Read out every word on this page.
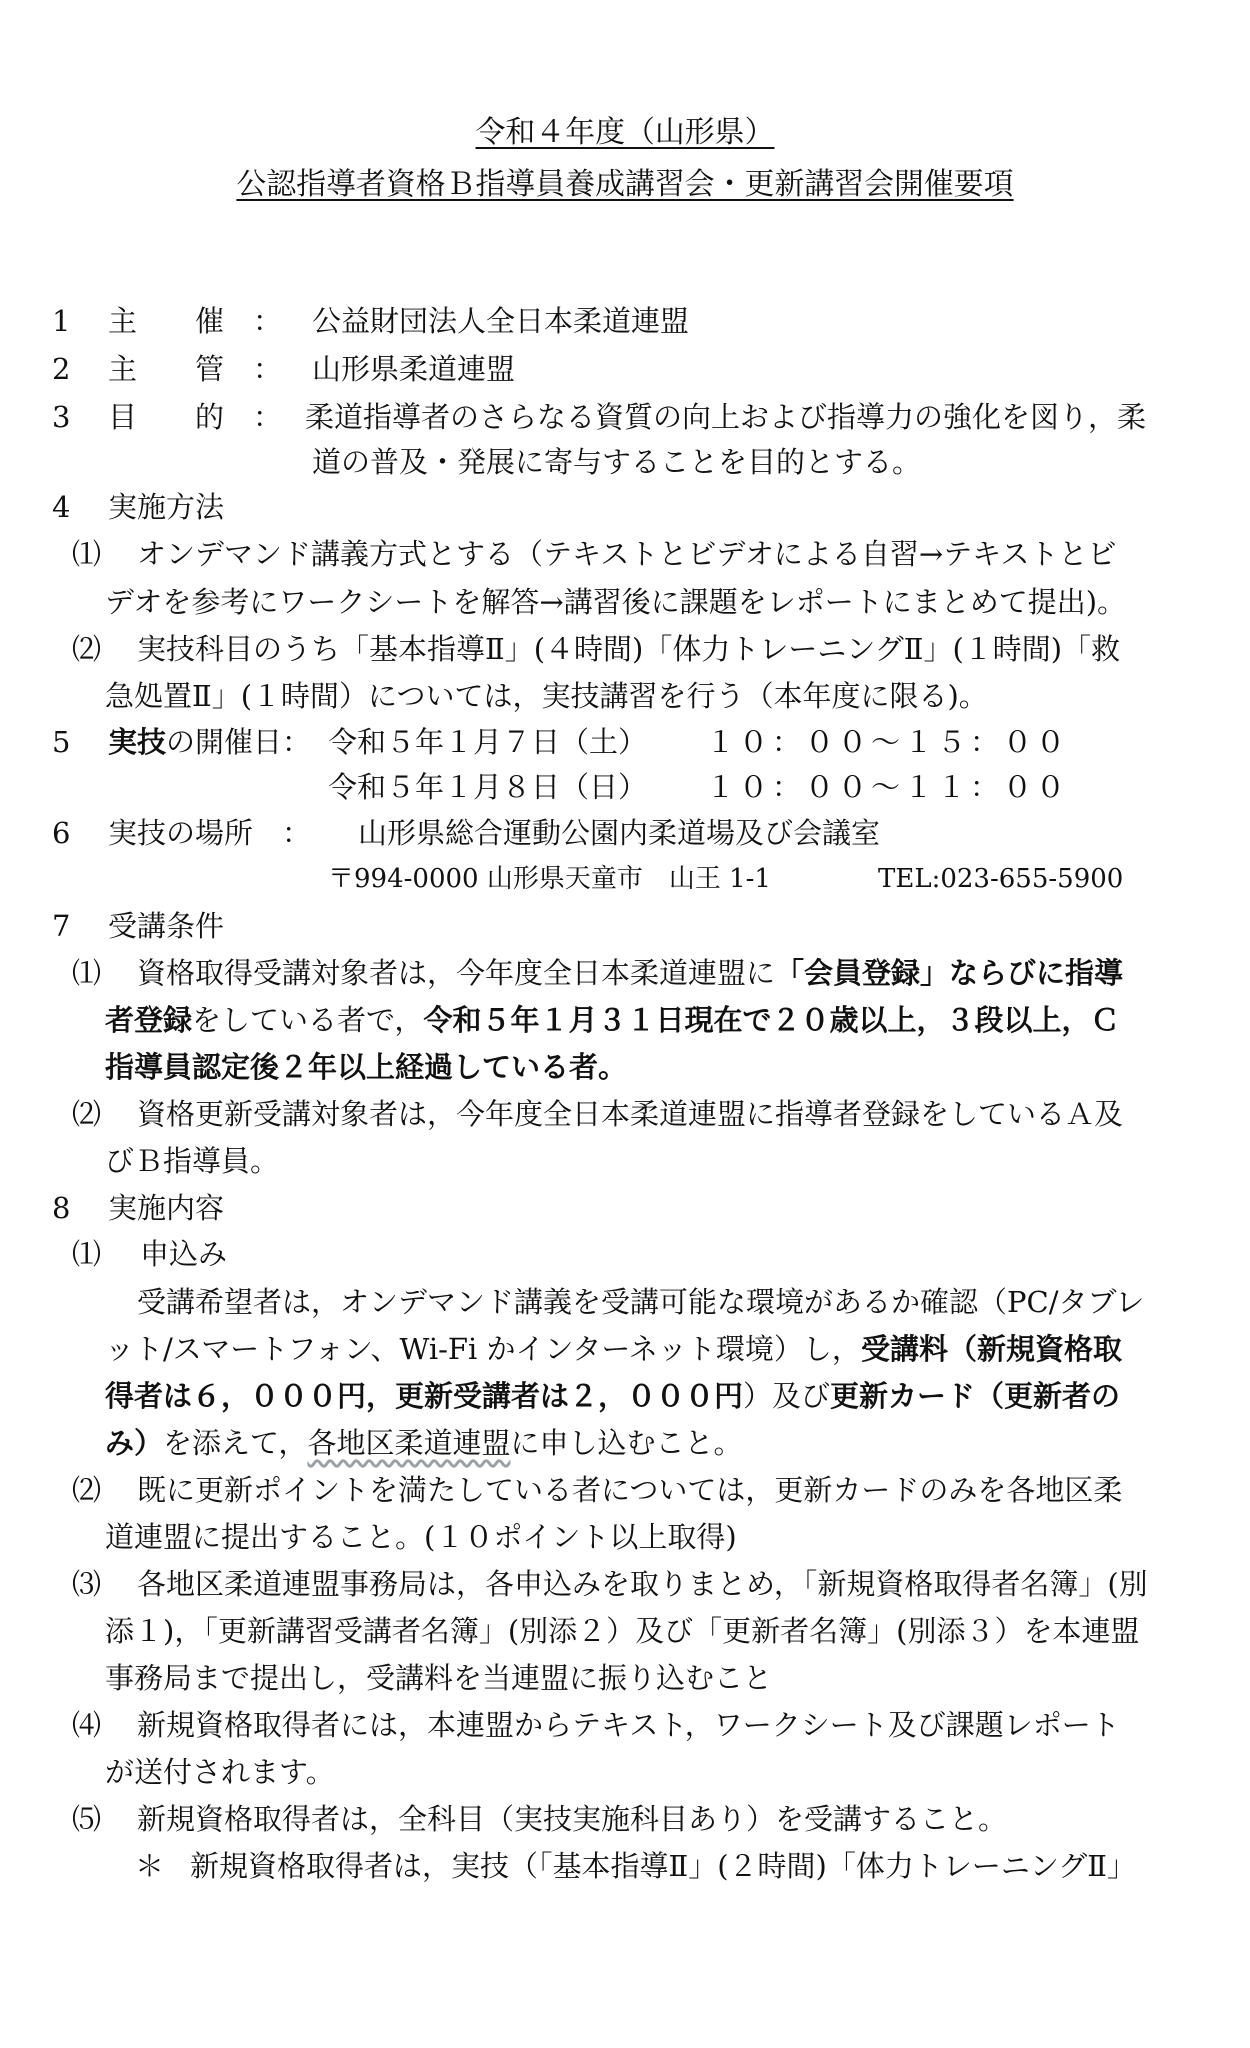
令和４年度（山形県）
公認指導者資格Ｂ指導員養成講習会・更新講習会開催要項
1 主　　催　： 公益財団法人全日本柔道連盟
2 主　　管　： 山形県柔道連盟
3 目　　的　： 柔道指導者のさらなる資質の向上および指導力の強化を図り，柔
道の普及・発展に寄与することを目的とする。
4 実施方法
⑴ オンデマンド講義方式とする（テキストとビデオによる自習→テキストとビ
デオを参考にワークシートを解答→講習後に課題をレポートにまとめて提出)。
⑵ 実技科目のうち「基本指導Ⅱ」(４時間)「体力トレーニングⅡ」(１時間)「救
急処置Ⅱ」(１時間）については，実技講習を行う（本年度に限る)。
5 実技の開催日： 令和５年１月７日（土） １０：００〜１５：００
令和５年１月８日（日） １０：００〜１１：００
6 実技の場所　： 山形県総合運動公園内柔道場及び会議室
〒994-0000 山形県天童市　山王 1-1	TEL:023-655-5900
7 受講条件
⑴ 資格取得受講対象者は，今年度全日本柔道連盟に「会員登録」ならびに指導
者登録をしている者で，令和５年１月３１日現在で２０歳以上，３段以上，Ｃ
指導員認定後２年以上経過している者。
⑵ 資格更新受講対象者は，今年度全日本柔道連盟に指導者登録をしているＡ及
びＢ指導員。
8 実施内容
⑴ 申込み
受講希望者は，オンデマンド講義を受講可能な環境があるか確認（PC/タブレ
ット/スマートフォン、Wi-Fi かインターネット環境）し，受講料（新規資格取
得者は６，０００円，更新受講者は２，０００円）及び更新カード（更新者の
み）を添えて，各地区柔道連盟に申し込むこと。
⑵ 既に更新ポイントを満たしている者については，更新カードのみを各地区柔
道連盟に提出すること。(１０ポイント以上取得)
⑶ 各地区柔道連盟事務局は，各申込みを取りまとめ，「新規資格取得者名簿」(別
添１)，「更新講習受講者名簿」(別添２）及び「更新者名簿」(別添３）を本連盟
事務局まで提出し，受講料を当連盟に振り込むこと
⑷ 新規資格取得者には，本連盟からテキスト，ワークシート及び課題レポート
が送付されます。
⑸ 新規資格取得者は，全科目（実技実施科目あり）を受講すること。
＊ 新規資格取得者は，実技（「基本指導Ⅱ」(２時間)「体力トレーニングⅡ」
